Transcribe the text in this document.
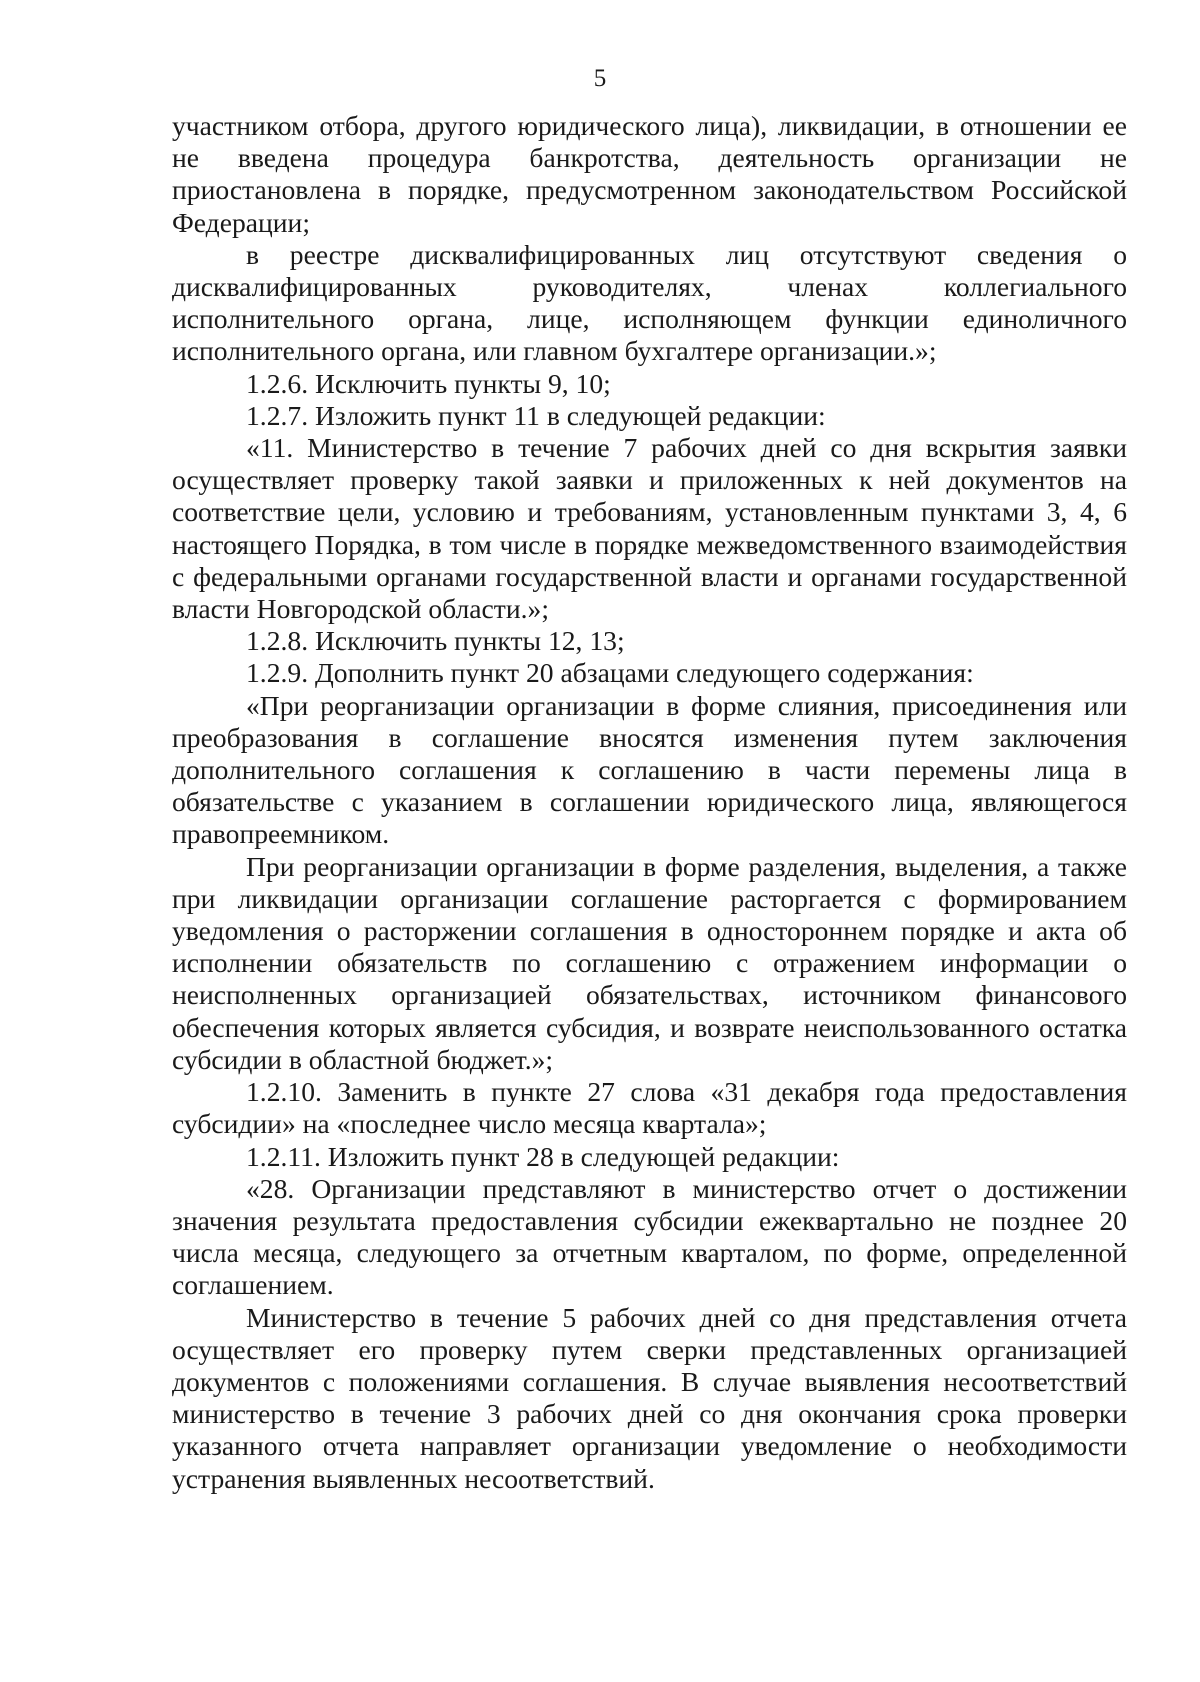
5

участником отбора, другого юридического лица), ликвидации, в отношении ее не введена процедура банкротства, деятельность организации не приостановлена в порядке, предусмотренном законодательством Российской Федерации;

в реестре дисквалифицированных лиц отсутствуют сведения о дисквалифицированных руководителях, членах коллегиального исполнительного органа, лице, исполняющем функции единоличного исполнительного органа, или главном бухгалтере организации.»;

1.2.6. Исключить пункты 9, 10;

1.2.7. Изложить пункт 11 в следующей редакции:

«11. Министерство в течение 7 рабочих дней со дня вскрытия заявки осуществляет проверку такой заявки и приложенных к ней документов на соответствие цели, условию и требованиям, установленным пунктами 3, 4, 6 настоящего Порядка, в том числе в порядке межведомственного взаимодействия с федеральными органами государственной власти и органами государственной власти Новгородской области.»;

1.2.8. Исключить пункты 12, 13;

1.2.9. Дополнить пункт 20 абзацами следующего содержания:

«При реорганизации организации в форме слияния, присоединения или преобразования в соглашение вносятся изменения путем заключения дополнительного соглашения к соглашению в части перемены лица в обязательстве с указанием в соглашении юридического лица, являющегося правопреемником.

При реорганизации организации в форме разделения, выделения, а также при ликвидации организации соглашение расторгается с формированием уведомления о расторжении соглашения в одностороннем порядке и акта об исполнении обязательств по соглашению с отражением информации о неисполненных организацией обязательствах, источником финансового обеспечения которых является субсидия, и возврате неиспользованного остатка субсидии в областной бюджет.»;

1.2.10. Заменить в пункте 27 слова «31 декабря года предоставления субсидии» на «последнее число месяца квартала»;

1.2.11. Изложить пункт 28 в следующей редакции:

«28. Организации представляют в министерство отчет о достижении значения результата предоставления субсидии ежеквартально не позднее 20 числа месяца, следующего за отчетным кварталом, по форме, определенной соглашением.

Министерство в течение 5 рабочих дней со дня представления отчета осуществляет его проверку путем сверки представленных организацией документов с положениями соглашения. В случае выявления несоответствий министерство в течение 3 рабочих дней со дня окончания срока проверки указанного отчета направляет организации уведомление о необходимости устранения выявленных несоответствий.
